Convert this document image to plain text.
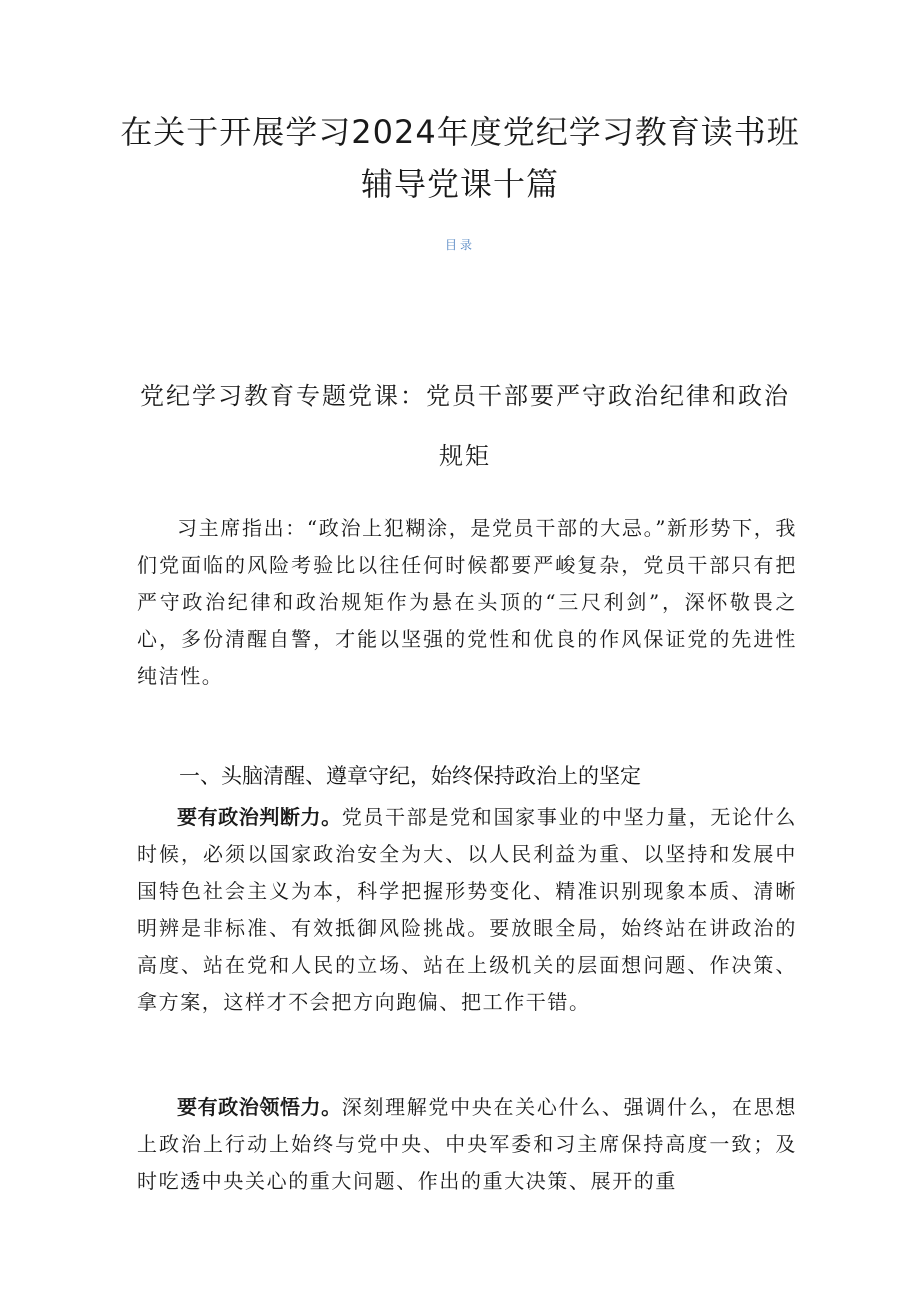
在关于开展学习2024年度党纪学习教育读书班辅导党课十篇
目录
党纪学习教育专题党课：党员干部要严守政治纪律和政治规矩

习主席指出：“政治上犯糊涂，是党员干部的大忌。”新形势下，我们党面临的风险考验比以往任何时候都要严峻复杂，党员干部只有把严守政治纪律和政治规矩作为悬在头顶的“三尺利剑”，深怀敬畏之心，多份清醒自警，才能以坚强的党性和优良的作风保证党的先进性纯洁性。

一、头脑清醒、遵章守纪，始终保持政治上的坚定

要有政治判断力。党员干部是党和国家事业的中坚力量，无论什么时候，必须以国家政治安全为大、以人民利益为重、以坚持和发展中国特色社会主义为本，科学把握形势变化、精准识别现象本质、清晰明辨是非标准、有效抵御风险挑战。要放眼全局，始终站在讲政治的高度、站在党和人民的立场、站在上级机关的层面想问题、作决策、拿方案，这样才不会把方向跑偏、把工作干错。

要有政治领悟力。深刻理解党中央在关心什么、强调什么，在思想上政治上行动上始终与党中央、中央军委和习主席保持高度一致；及时吃透中央关心的重大问题、作出的重大决策、展开的重
